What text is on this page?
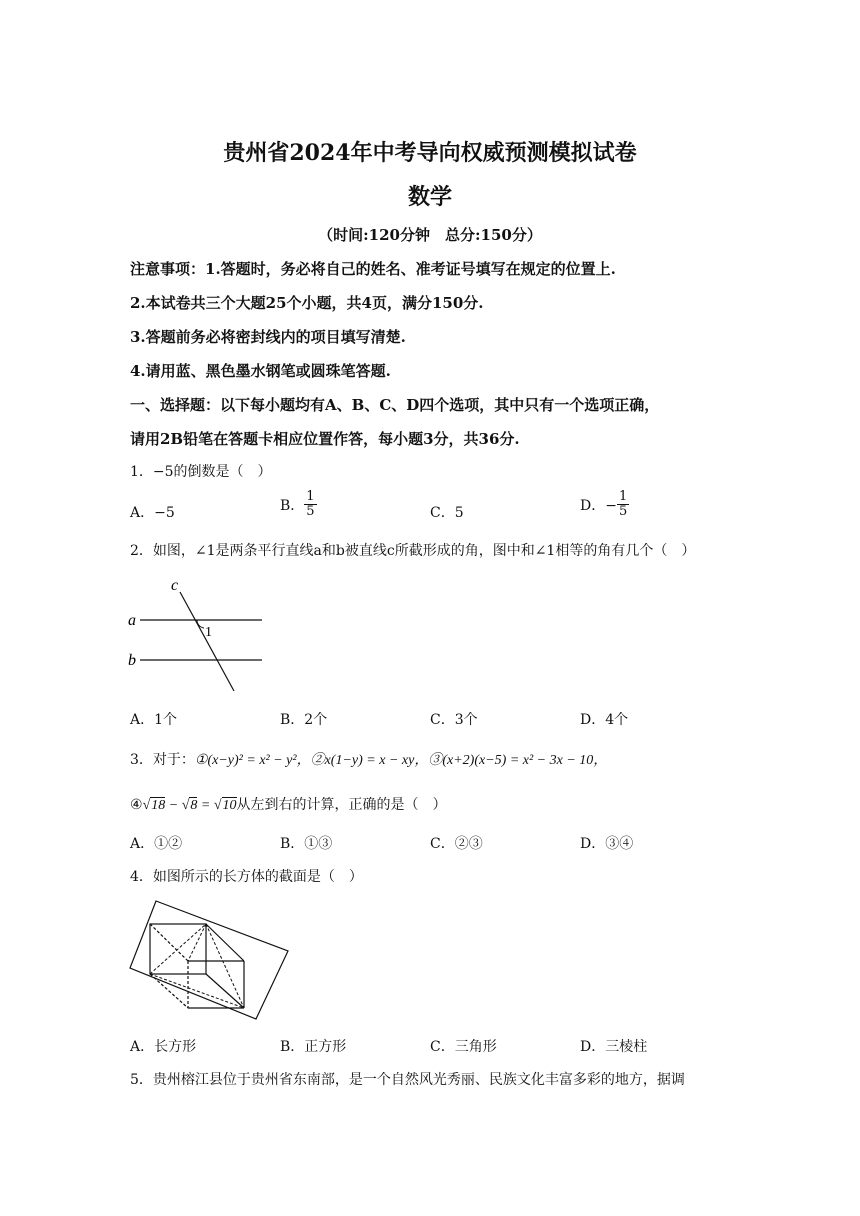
贵州省2024年中考导向权威预测模拟试卷
数学
（时间:120分钟　总分:150分）
注意事项：1.答题时，务必将自己的姓名、准考证号填写在规定的位置上.
2.本试卷共三个大题25个小题，共4页，满分150分.
3.答题前务必将密封线内的项目填写清楚.
4.请用蓝、黑色墨水钢笔或圆珠笔答题.
一、选择题：以下每小题均有A、B、C、D四个选项，其中只有一个选项正确，
请用2B铅笔在答题卡相应位置作答，每小题3分，共36分.
1．−5的倒数是（　）
A．−5	B． $\frac{1}{5}$	C．5	D．− $\frac{1}{5}$
2．如图，∠1是两条平行直线a和b被直线c所截形成的角，图中和∠1相等的角有几个（　）
c
a
b
1
A．1个	B．2个	C．3个	D．4个
3．对于：①(x−y)² = x² − y²，②x(1−y) = x − xy，③(x+2)(x−5) = x² − 3x − 10，
④√18 − √8 = √10从左到右的计算，正确的是（　）
A．①②	B．①③	C．②③	D．③④
4．如图所示的长方体的截面是（　）
A．长方形	B．正方形	C．三角形	D．三棱柱
5．贵州榕江县位于贵州省东南部，是一个自然风光秀丽、民族文化丰富多彩的地方，据调
